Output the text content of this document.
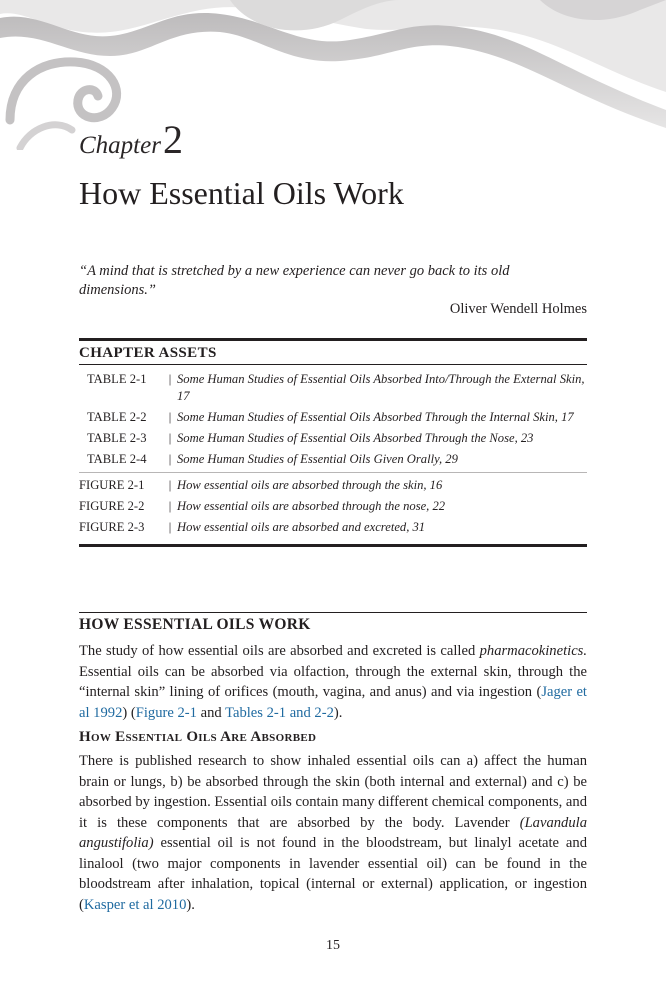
Chapter2
How Essential Oils Work
“A mind that is stretched by a new experience can never go back to its old dimensions.”
Oliver Wendell Holmes
CHAPTER ASSETS
TABLE 2-1	| Some Human Studies of Essential Oils Absorbed Into/Through the External Skin, 17
TABLE 2-2	| Some Human Studies of Essential Oils Absorbed Through the Internal Skin, 17
TABLE 2-3	| Some Human Studies of Essential Oils Absorbed Through the Nose, 23
TABLE 2-4	| Some Human Studies of Essential Oils Given Orally, 29
FIGURE 2-1	| How essential oils are absorbed through the skin, 16
FIGURE 2-2	| How essential oils are absorbed through the nose, 22
FIGURE 2-3	| How essential oils are absorbed and excreted, 31
HOW ESSENTIAL OILS WORK

The study of how essential oils are absorbed and excreted is called pharmacokinetics. Essential oils can be absorbed via olfaction, through the external skin, through the “internal skin” lining of orifices (mouth, vagina, and anus) and via ingestion (Jager et al 1992) (Figure 2-1 and Tables 2-1 and 2-2).

How Essential Oils Are Absorbed

There is published research to show inhaled essential oils can a) affect the human brain or lungs, b) be absorbed through the skin (both internal and external) and c) be absorbed by ingestion. Essential oils contain many different chemical components, and it is these components that are absorbed by the body. Lavender (Lavandula angustifolia) essential oil is not found in the bloodstream, but linalyl acetate and linalool (two major components in lavender essential oil) can be found in the bloodstream after inhalation, topical (internal or external) application, or ingestion (Kasper et al 2010).

15
